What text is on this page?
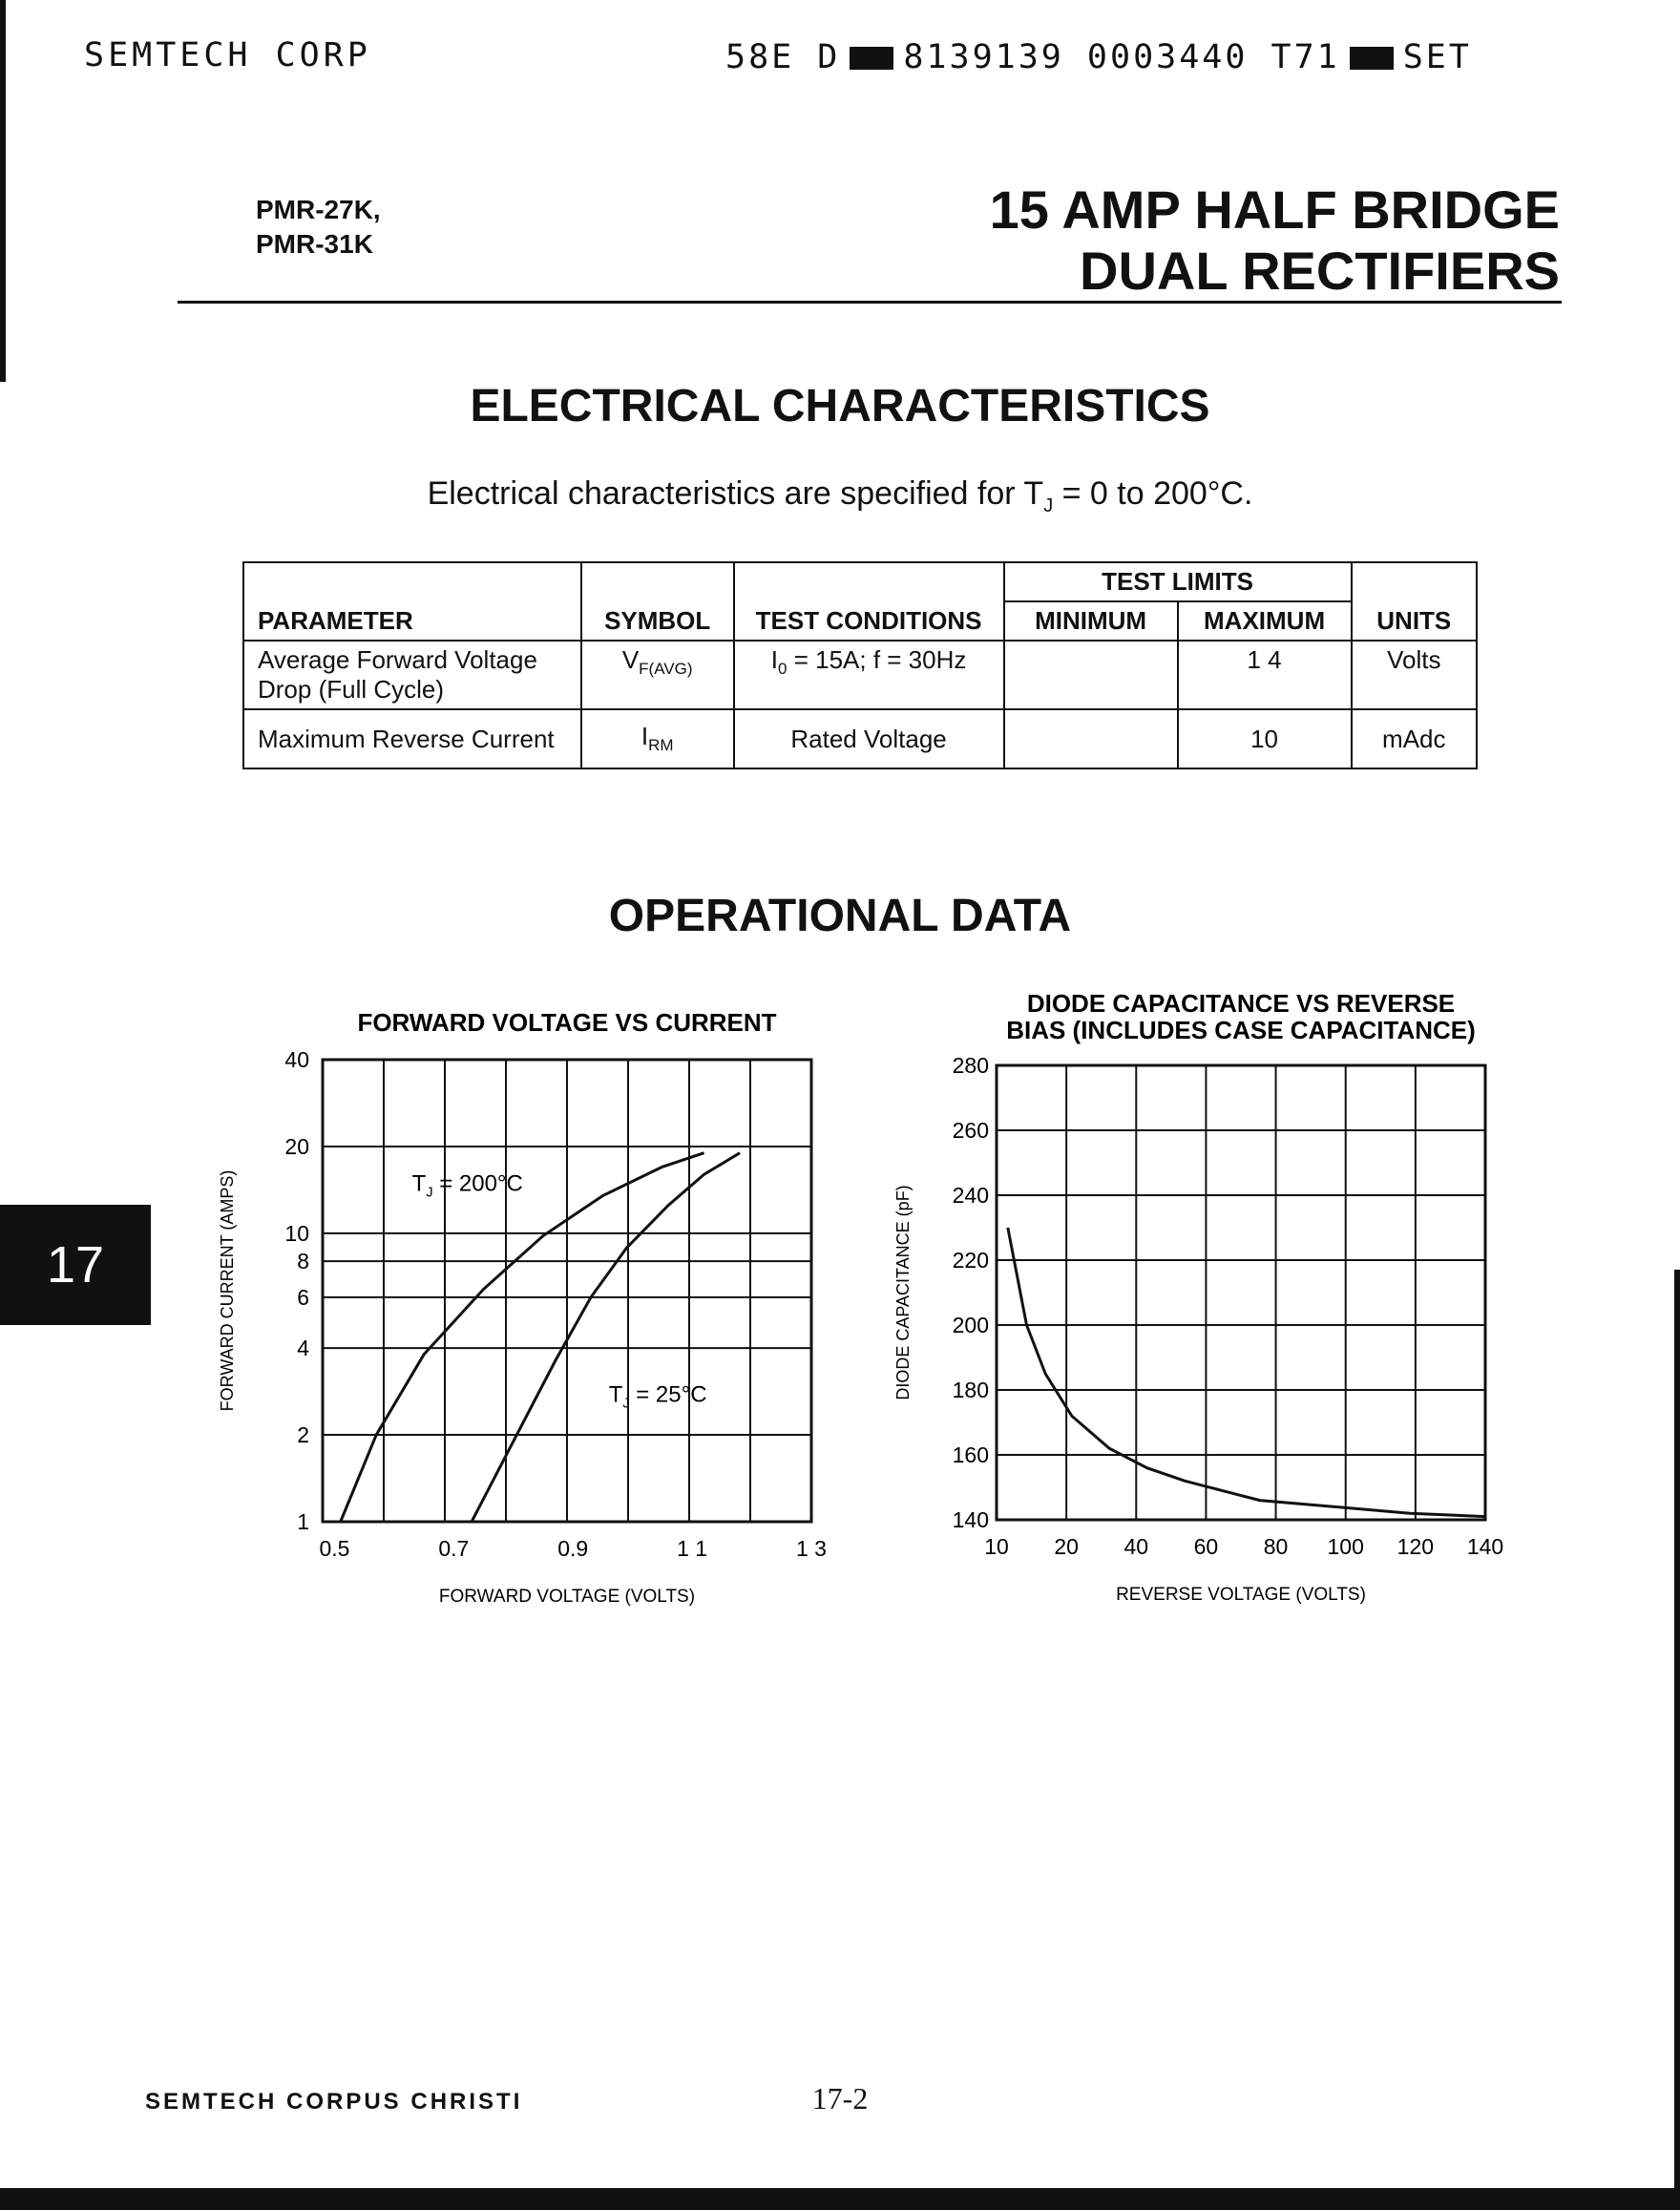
SEMTECH CORP	58E D 8139139 0003440 T71 SET
PMR-27K,
PMR-31K
15 AMP HALF BRIDGE
DUAL RECTIFIERS
ELECTRICAL CHARACTERISTICS
Electrical characteristics are specified for $T_J = 0$ to 200°C.
PARAMETER	SYMBOL	TEST CONDITIONS	TEST LIMITS		UNITS
			MINIMUM	MAXIMUM	
Average Forward Voltage Drop (Full Cycle)	$V_{F(AVG)}$	$I_0 = 15A$; f = 30Hz		1 4	Volts
Maximum Reverse Current	$I_{RM}$	Rated Voltage		10	mAdc
OPERATIONAL DATA
17
FORWARD VOLTAGE VS CURRENT
1
2
4
6
8
10
20
40
0.5	0.7	0.9	1 1	1 3
FORWARD VOLTAGE (VOLTS)
FORWARD CURRENT (AMPS)	$T_J = 200^\circ C$
$T_J = 25^\circ C$
DIODE CAPACITANCE VS REVERSE
BIAS (INCLUDES CASE CAPACITANCE)
140
160
180
200
220
240
260
280
10 20 40 60 80 100 120 140
REVERSE VOLTAGE (VOLTS)
DIODE CAPACITANCE (pF)
SEMTECH CORPUS CHRISTI	17-2
